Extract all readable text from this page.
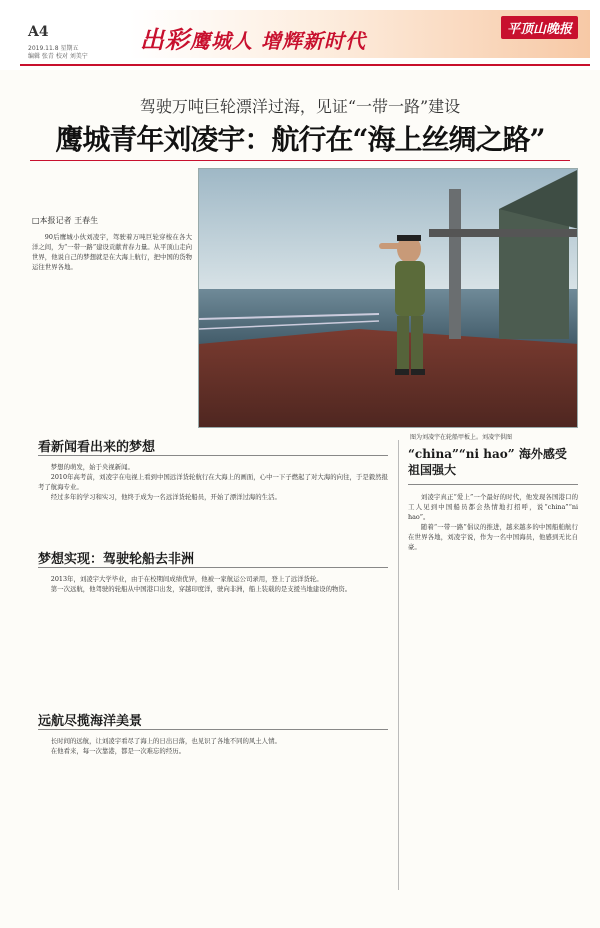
A4
2019.11.8 星期五
编辑 张青 校对 刘美宁
出彩鹰城人 增辉新时代	平顶山晚报
驾驶万吨巨轮漂洋过海，见证“一带一路”建设
鹰城青年刘凌宇：航行在“海上丝绸之路”
□本报记者 王春生

90后鹰城小伙刘凌宇，驾驶着万吨巨轮穿梭在各大洋之间，为“一带一路”建设贡献青春力量。从平顶山走向世界，他说自己的梦想就是在大海上航行，把中国的货物运往世界各地。

图为刘凌宇在轮船甲板上。刘凌宇供图
看新闻看出来的梦想

梦想的萌发，始于央视新闻。

2010年高考前，刘凌宇在电视上看到中国远洋货轮航行在大海上的画面，心中一下子燃起了对大海的向往，于是毅然报考了航海专业。

经过多年的学习和实习，他终于成为一名远洋货轮船员，开始了漂洋过海的生活。

梦想实现：驾驶轮船去非洲

2013年，刘凌宇大学毕业，由于在校期间成绩优异，他被一家航运公司录用，登上了远洋货轮。

第一次远航，他驾驶的轮船从中国港口出发，穿越印度洋，驶向非洲，船上装载的是支援当地建设的物资。

远航尽揽海洋美景

长时间的远航，让刘凌宇看尽了海上的日出日落，也见识了各地不同的风土人情。

在他看来，每一次靠港，都是一次难忘的经历。

“china”“ni hao” 海外感受祖国强大

刘凌宇真正“爱上”一个最好的时代，他发现各国港口的工人见到中国船员都会热情地打招呼，说“china”“ni hao”。

随着“一带一路”倡议的推进，越来越多的中国船舶航行在世界各地，刘凌宇说，作为一名中国海员，他感到无比自豪。
